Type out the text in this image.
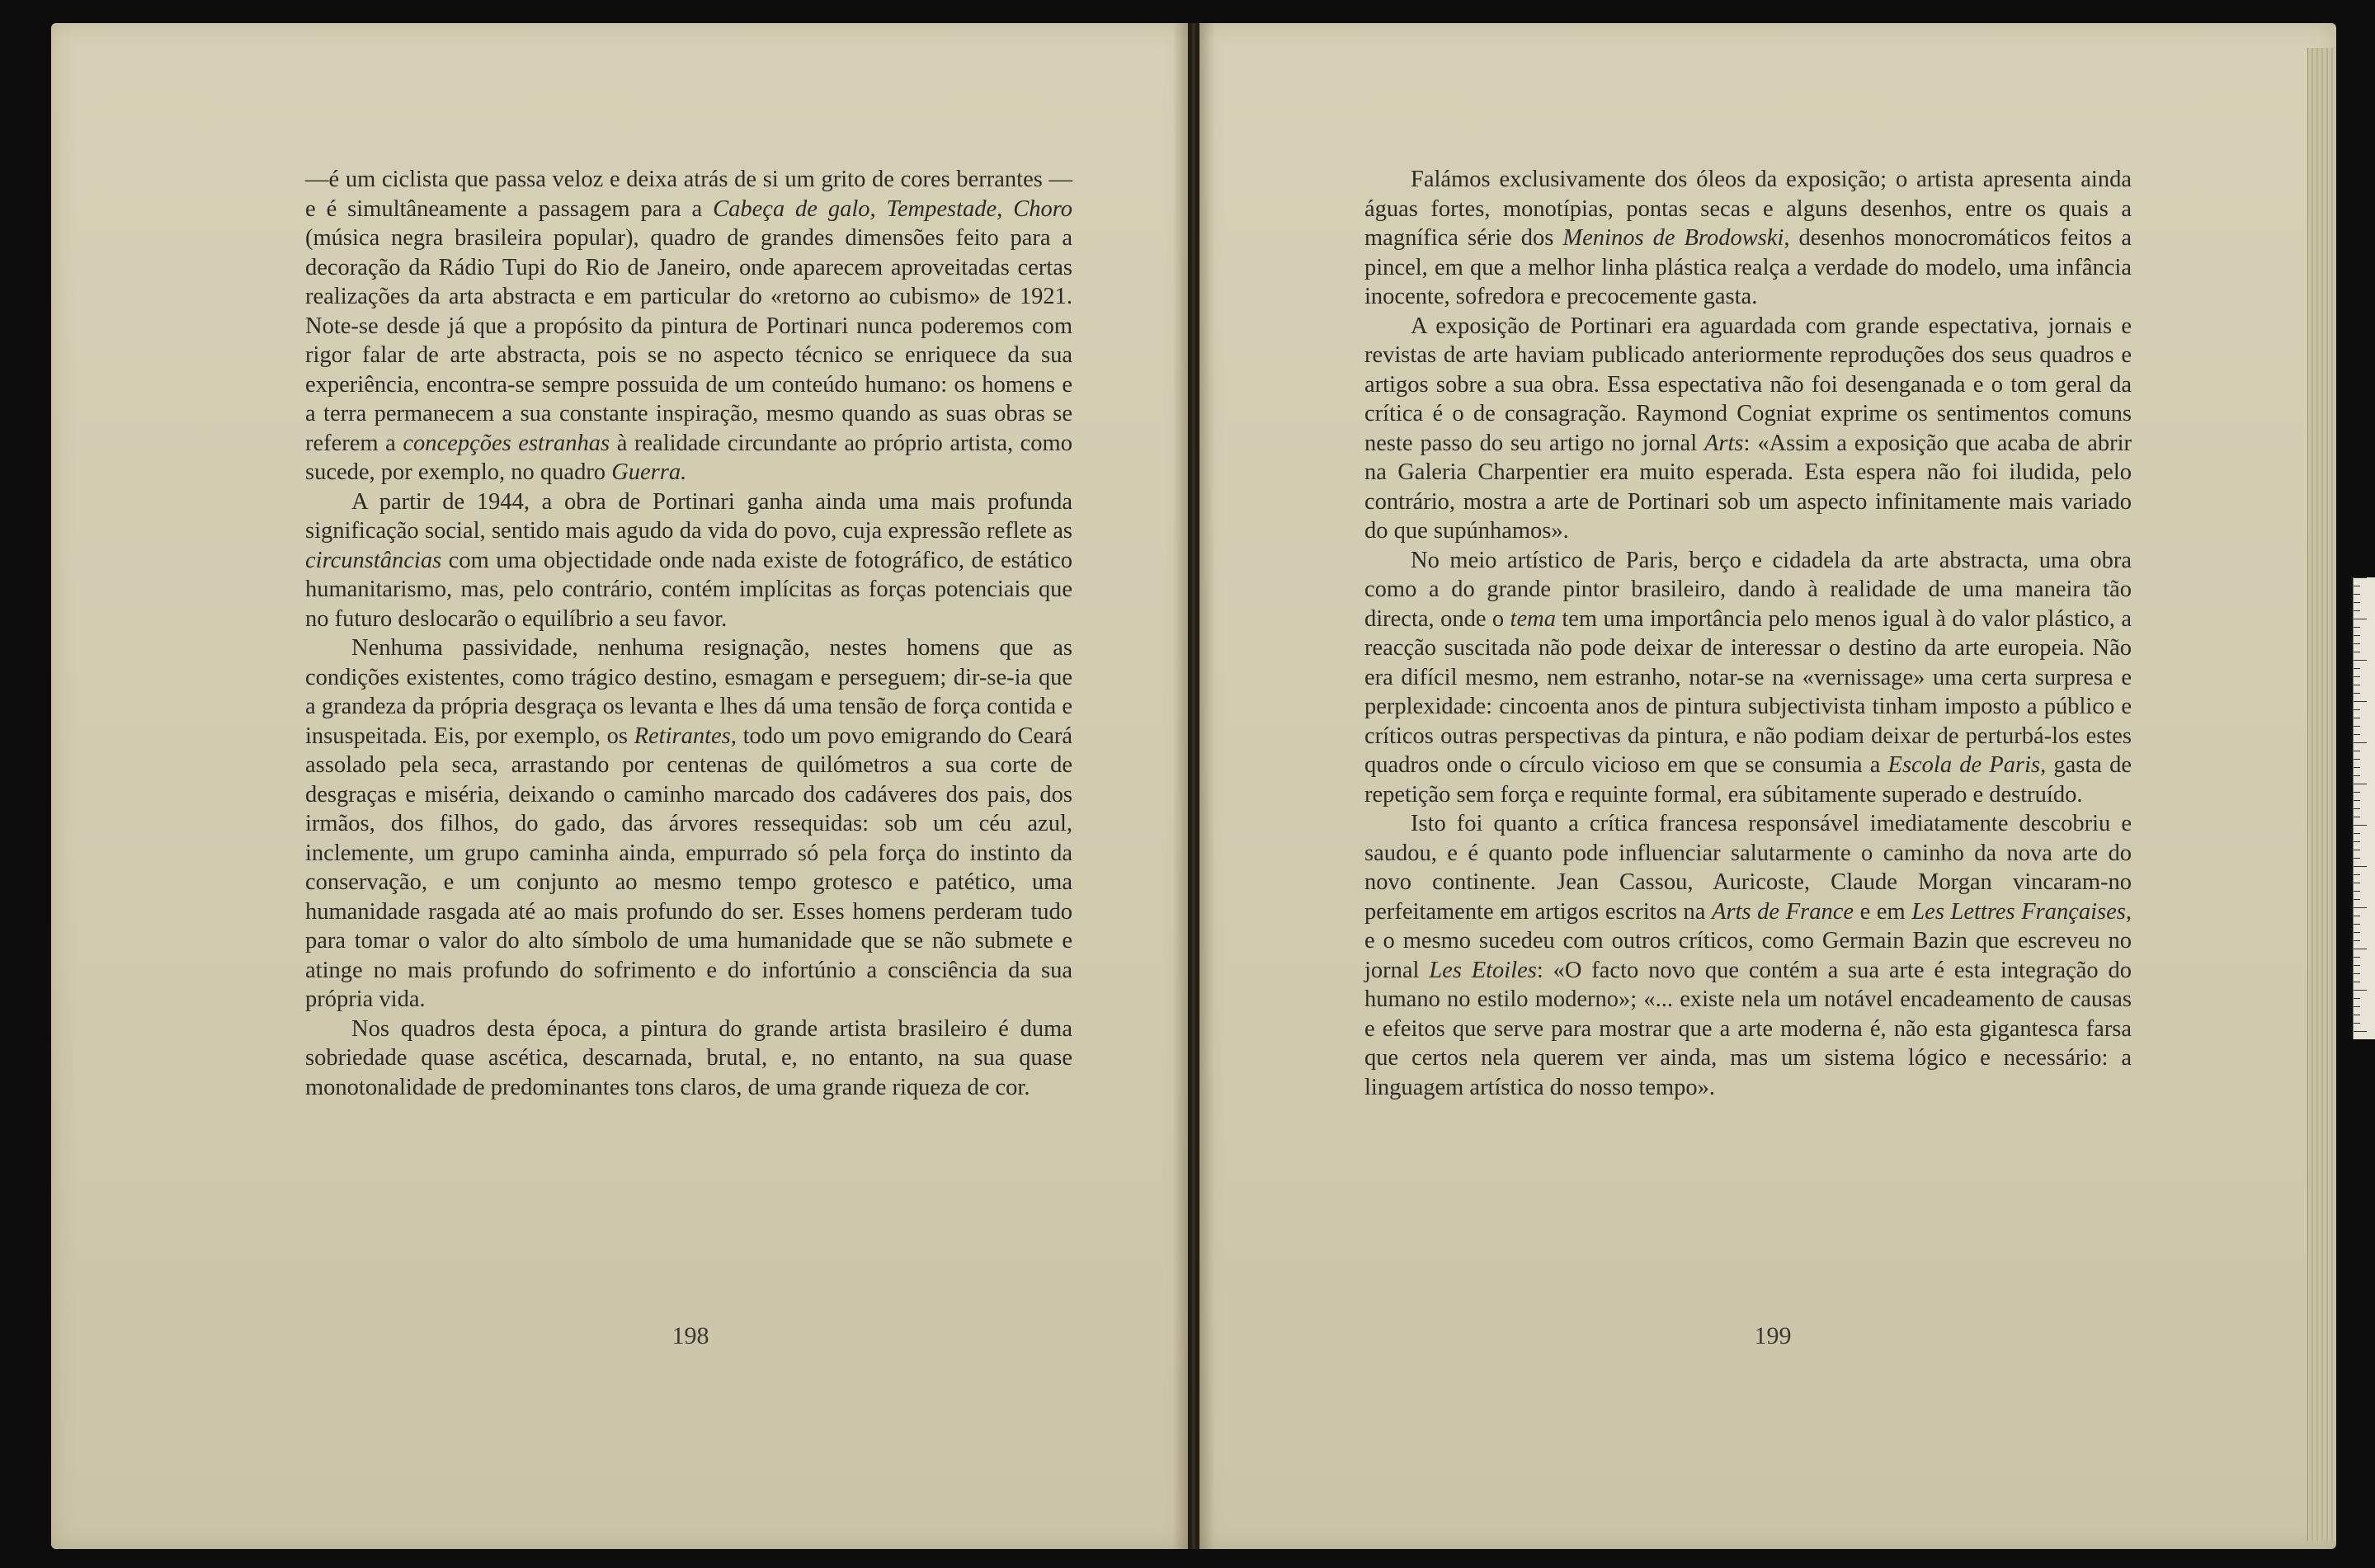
—é um ciclista que passa veloz e deixa atrás de si um grito de cores berrantes — e é simultâneamente a passagem para a Cabeça de galo, Tempestade, Choro (música negra brasileira popular), quadro de grandes dimensões feito para a decoração da Rádio Tupi do Rio de Janeiro, onde aparecem aproveitadas certas realizações da arta abstracta e em particular do «retorno ao cubismo» de 1921. Note-se desde já que a propósito da pintura de Portinari nunca poderemos com rigor falar de arte abstracta, pois se no aspecto técnico se enriquece da sua experiência, encontra-se sempre possuida de um conteúdo humano: os homens e a terra permanecem a sua constante inspiração, mesmo quando as suas obras se referem a concepções estranhas à realidade circundante ao próprio artista, como sucede, por exemplo, no quadro Guerra.

A partir de 1944, a obra de Portinari ganha ainda uma mais profunda significação social, sentido mais agudo da vida do povo, cuja expressão reflete as circunstâncias com uma objectidade onde nada existe de fotográfico, de estático humanitarismo, mas, pelo contrário, contém implícitas as forças potenciais que no futuro deslocarão o equilíbrio a seu favor.

Nenhuma passividade, nenhuma resignação, nestes homens que as condições existentes, como trágico destino, esmagam e perseguem; dir-se-ia que a grandeza da própria desgraça os levanta e lhes dá uma tensão de força contida e insuspeitada. Eis, por exemplo, os Retirantes, todo um povo emigrando do Ceará assolado pela seca, arrastando por centenas de quilómetros a sua corte de desgraças e miséria, deixando o caminho marcado dos cadáveres dos pais, dos irmãos, dos filhos, do gado, das árvores ressequidas: sob um céu azul, inclemente, um grupo caminha ainda, empurrado só pela força do instinto da conservação, e um conjunto ao mesmo tempo grotesco e patético, uma humanidade rasgada até ao mais profundo do ser. Esses homens perderam tudo para tomar o valor do alto símbolo de uma humanidade que se não submete e atinge no mais profundo do sofrimento e do infortúnio a consciência da sua própria vida.

Nos quadros desta época, a pintura do grande artista brasileiro é duma sobriedade quase ascética, descarnada, brutal, e, no entanto, na sua quase monotonalidade de predominantes tons claros, de uma grande riqueza de cor.

198

Falámos exclusivamente dos óleos da exposição; o artista apresenta ainda águas fortes, monotípias, pontas secas e alguns desenhos, entre os quais a magnífica série dos Meninos de Brodowski, desenhos monocromáticos feitos a pincel, em que a melhor linha plástica realça a verdade do modelo, uma infância inocente, sofredora e precocemente gasta.

A exposição de Portinari era aguardada com grande espectativa, jornais e revistas de arte haviam publicado anteriormente reproduções dos seus quadros e artigos sobre a sua obra. Essa espectativa não foi desenganada e o tom geral da crítica é o de consagração. Raymond Cogniat exprime os sentimentos comuns neste passo do seu artigo no jornal Arts: «Assim a exposição que acaba de abrir na Galeria Charpentier era muito esperada. Esta espera não foi iludida, pelo contrário, mostra a arte de Portinari sob um aspecto infinitamente mais variado do que supúnhamos».

No meio artístico de Paris, berço e cidadela da arte abstracta, uma obra como a do grande pintor brasileiro, dando à realidade de uma maneira tão directa, onde o tema tem uma importância pelo menos igual à do valor plástico, a reacção suscitada não pode deixar de interessar o destino da arte europeia. Não era difícil mesmo, nem estranho, notar-se na «vernissage» uma certa surpresa e perplexidade: cincoenta anos de pintura subjectivista tinham imposto a público e críticos outras perspectivas da pintura, e não podiam deixar de perturbá-los estes quadros onde o círculo vicioso em que se consumia a Escola de Paris, gasta de repetição sem força e requinte formal, era súbitamente superado e destruído.

Isto foi quanto a crítica francesa responsável imediatamente descobriu e saudou, e é quanto pode influenciar salutarmente o caminho da nova arte do novo continente. Jean Cassou, Auricoste, Claude Morgan vincaram-no perfeitamente em artigos escritos na Arts de France e em Les Lettres Françaises, e o mesmo sucedeu com outros críticos, como Germain Bazin que escreveu no jornal Les Etoiles: «O facto novo que contém a sua arte é esta integração do humano no estilo moderno»; «... existe nela um notável encadeamento de causas e efeitos que serve para mostrar que a arte moderna é, não esta gigantesca farsa que certos nela querem ver ainda, mas um sistema lógico e necessário: a linguagem artística do nosso tempo».

199
